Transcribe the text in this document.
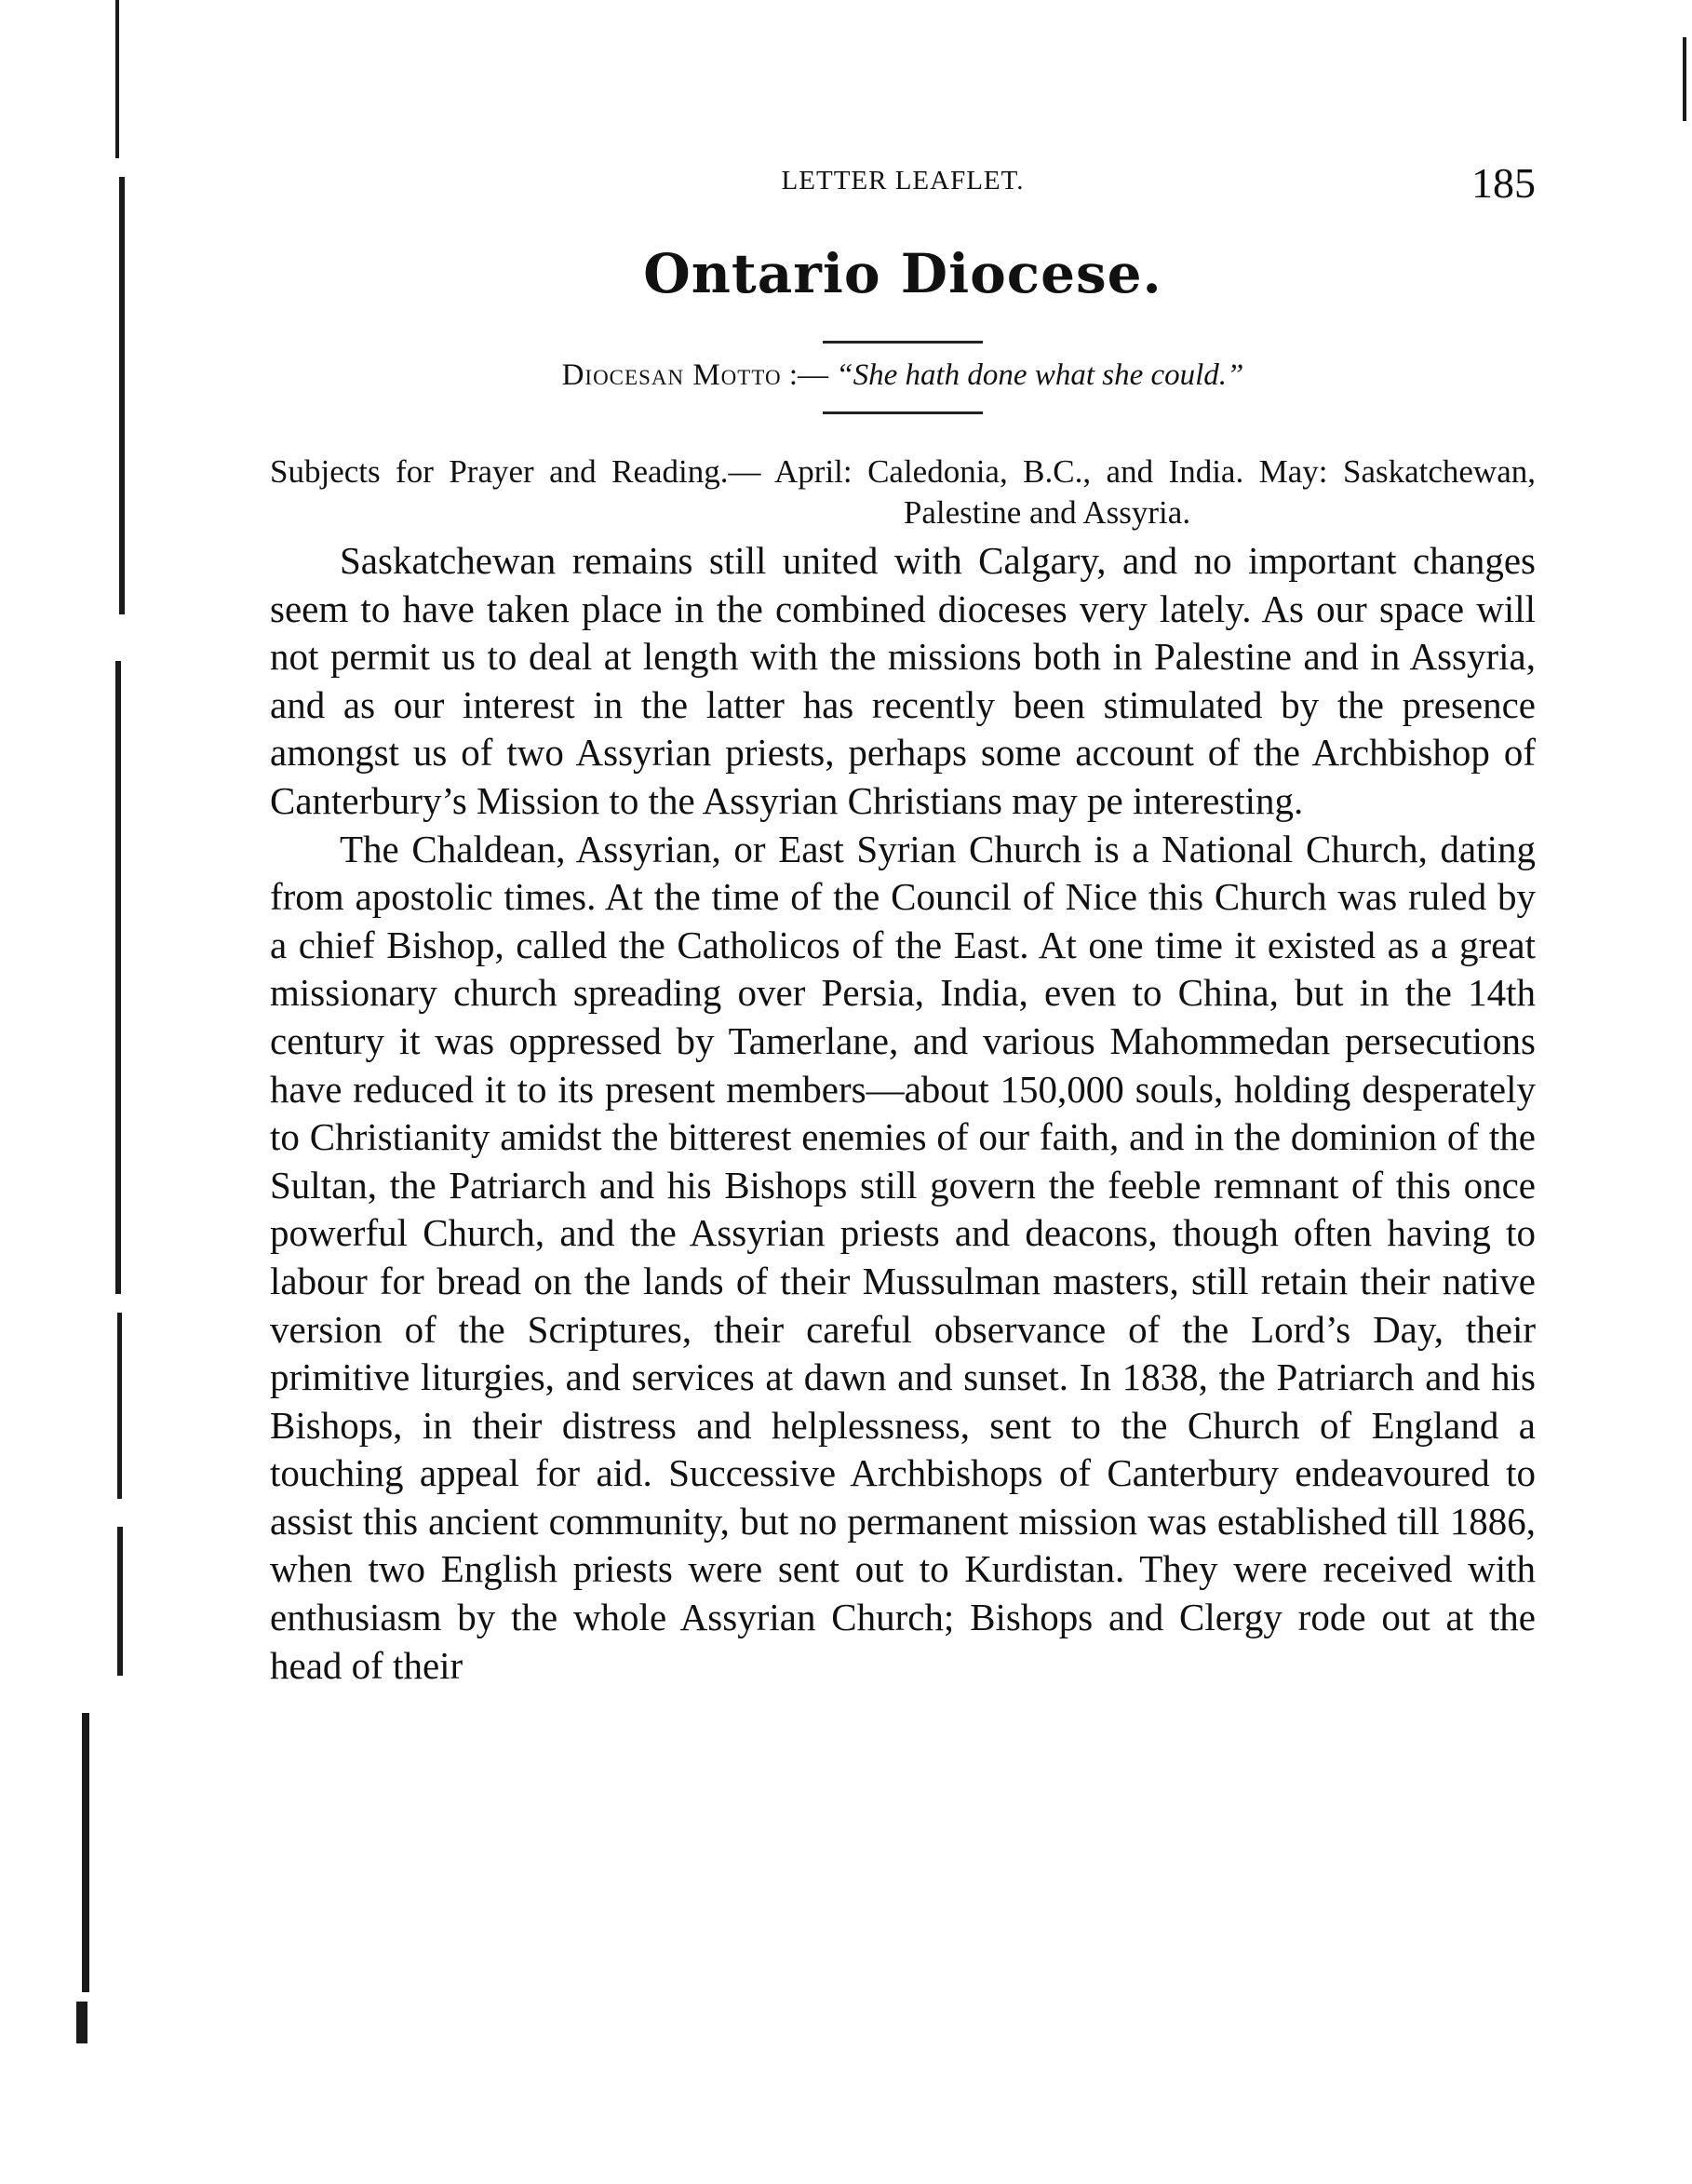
LETTER LEAFLET.	185
Ontario Diocese.
Diocesan Motto :— “She hath done what she could.”
Subjects for Prayer and Reading.— April: Caledonia, B.C., and India. May: Saskatchewan, Palestine and Assyria.

Saskatchewan remains still united with Calgary, and no important changes seem to have taken place in the combined dioceses very lately. As our space will not permit us to deal at length with the missions both in Palestine and in Assyria, and as our interest in the latter has recently been stimulated by the presence amongst us of two Assyrian priests, perhaps some account of the Archbishop of Canterbury’s Mission to the Assyrian Christians may pe interesting.

The Chaldean, Assyrian, or East Syrian Church is a National Church, dating from apostolic times. At the time of the Council of Nice this Church was ruled by a chief Bishop, called the Catholicos of the East. At one time it existed as a great missionary church spreading over Persia, India, even to China, but in the 14th century it was oppressed by Tamerlane, and various Mahommedan persecutions have reduced it to its present members—about 150,000 souls, holding desperately to Christianity amidst the bitterest enemies of our faith, and in the dominion of the Sultan, the Patriarch and his Bishops still govern the feeble remnant of this once powerful Church, and the Assyrian priests and deacons, though often having to labour for bread on the lands of their Mussulman masters, still retain their native version of the Scriptures, their careful observance of the Lord’s Day, their primitive liturgies, and services at dawn and sunset. In 1838, the Patriarch and his Bishops, in their distress and helplessness, sent to the Church of England a touching appeal for aid. Successive Archbishops of Canterbury endeavoured to assist this ancient community, but no permanent mission was established till 1886, when two English priests were sent out to Kurdistan. They were received with enthusiasm by the whole Assyrian Church; Bishops and Clergy rode out at the head of their
